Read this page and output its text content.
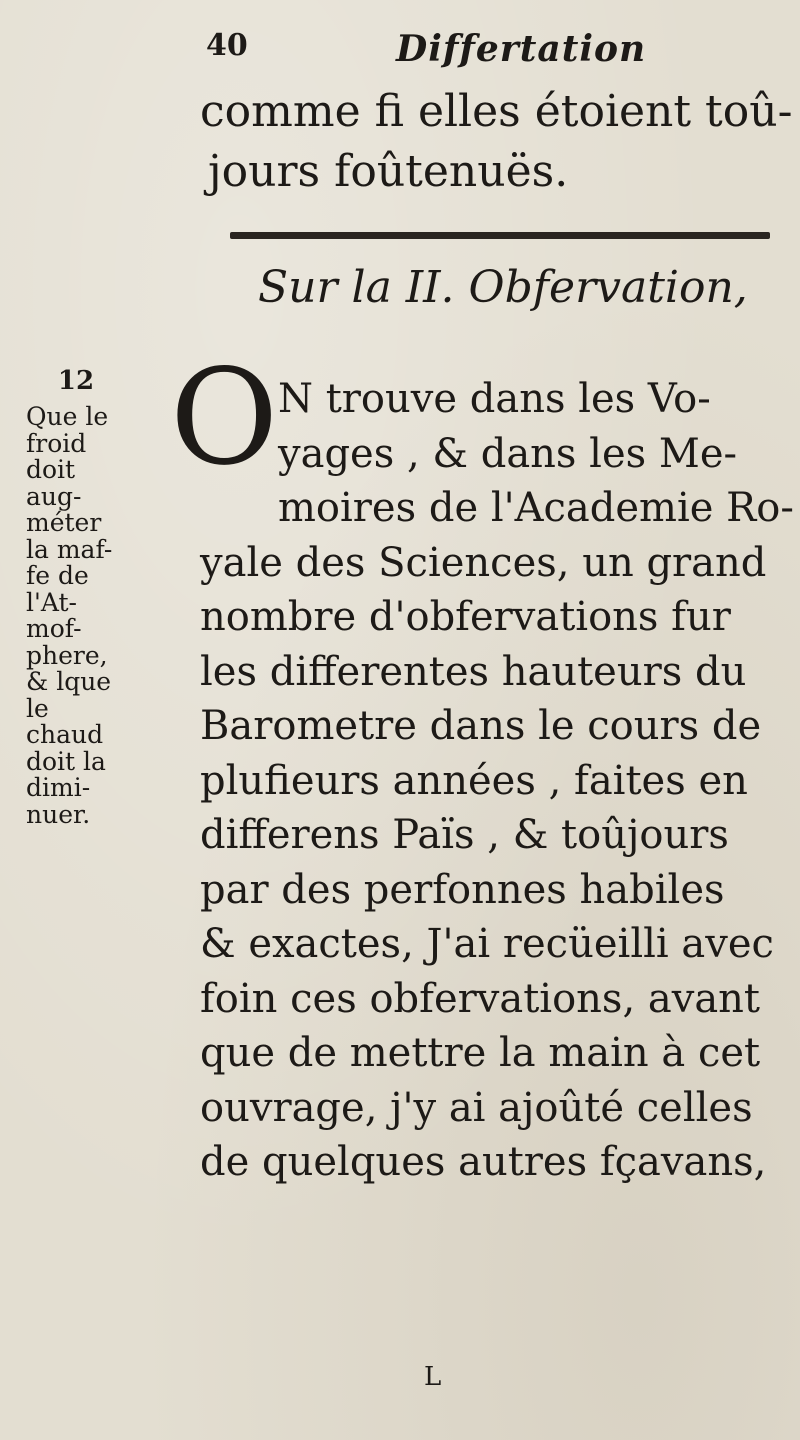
40	Differtation
comme fi elles étoient toû-
jours foûtenuës.
Sur la II. Obfervation,
12
Que le
froid
doit
aug-
méter
la maf-
fe de
l'At-
mof-
phere,
& lque
le
chaud
doit la
dimi-
nuer.
O N trouve dans les Vo-
yages , & dans les Me-
moires de l'Academie Ro-
yale des Sciences, un grand
nombre d'obfervations fur
les differentes hauteurs du
Barometre dans le cours de
plufieurs années , faites en
differens Païs , & toûjours
par des perfonnes habiles
& exactes, J'ai recüeilli avec
foin ces obfervations, avant
que de mettre la main à cet
ouvrage, j'y ai ajoûté celles
de quelques autres fçavans,
L
